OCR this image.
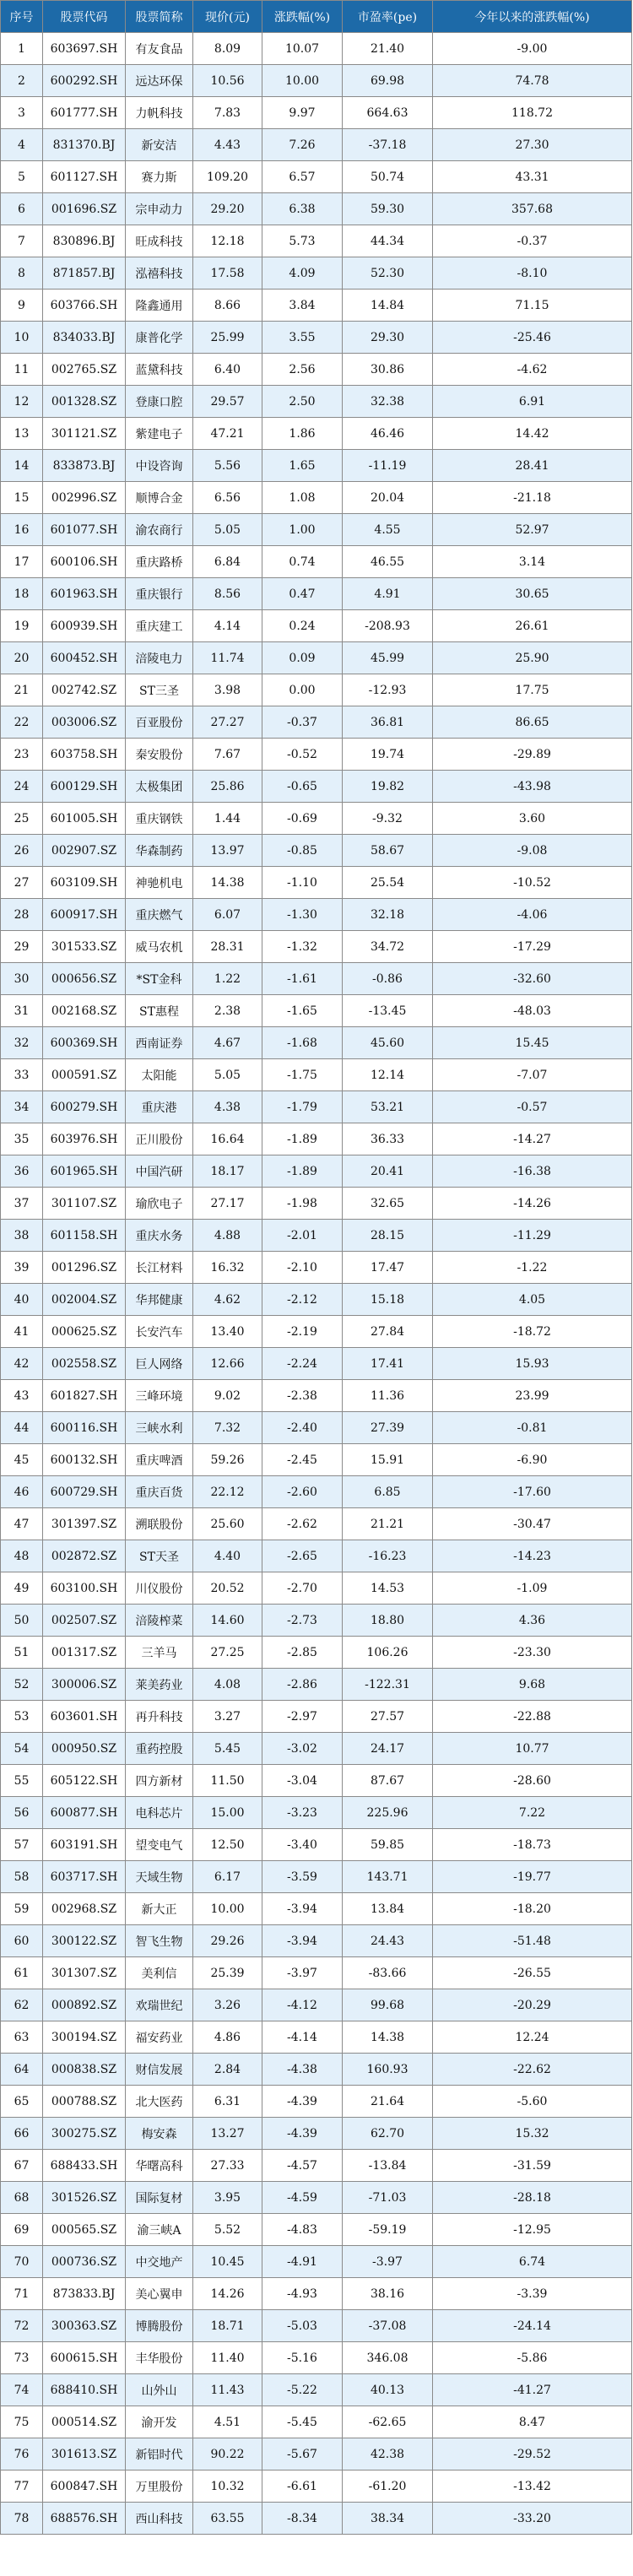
序号	股票代码	股票简称	现价(元)	涨跌幅(%)	市盈率(pe)	今年以来的涨跌幅(%)
1	603697.SH	有友食品	8.09	10.07	21.40	-9.00
2	600292.SH	远达环保	10.56	10.00	69.98	74.78
3	601777.SH	力帆科技	7.83	9.97	664.63	118.72
4	831370.BJ	新安洁	4.43	7.26	-37.18	27.30
5	601127.SH	赛力斯	109.20	6.57	50.74	43.31
6	001696.SZ	宗申动力	29.20	6.38	59.30	357.68
7	830896.BJ	旺成科技	12.18	5.73	44.34	-0.37
8	871857.BJ	泓禧科技	17.58	4.09	52.30	-8.10
9	603766.SH	隆鑫通用	8.66	3.84	14.84	71.15
10	834033.BJ	康普化学	25.99	3.55	29.30	-25.46
11	002765.SZ	蓝黛科技	6.40	2.56	30.86	-4.62
12	001328.SZ	登康口腔	29.57	2.50	32.38	6.91
13	301121.SZ	紫建电子	47.21	1.86	46.46	14.42
14	833873.BJ	中设咨询	5.56	1.65	-11.19	28.41
15	002996.SZ	顺博合金	6.56	1.08	20.04	-21.18
16	601077.SH	渝农商行	5.05	1.00	4.55	52.97
17	600106.SH	重庆路桥	6.84	0.74	46.55	3.14
18	601963.SH	重庆银行	8.56	0.47	4.91	30.65
19	600939.SH	重庆建工	4.14	0.24	-208.93	26.61
20	600452.SH	涪陵电力	11.74	0.09	45.99	25.90
21	002742.SZ	ST三圣	3.98	0.00	-12.93	17.75
22	003006.SZ	百亚股份	27.27	-0.37	36.81	86.65
23	603758.SH	秦安股份	7.67	-0.52	19.74	-29.89
24	600129.SH	太极集团	25.86	-0.65	19.82	-43.98
25	601005.SH	重庆钢铁	1.44	-0.69	-9.32	3.60
26	002907.SZ	华森制药	13.97	-0.85	58.67	-9.08
27	603109.SH	神驰机电	14.38	-1.10	25.54	-10.52
28	600917.SH	重庆燃气	6.07	-1.30	32.18	-4.06
29	301533.SZ	威马农机	28.31	-1.32	34.72	-17.29
30	000656.SZ	*ST金科	1.22	-1.61	-0.86	-32.60
31	002168.SZ	ST惠程	2.38	-1.65	-13.45	-48.03
32	600369.SH	西南证券	4.67	-1.68	45.60	15.45
33	000591.SZ	太阳能	5.05	-1.75	12.14	-7.07
34	600279.SH	重庆港	4.38	-1.79	53.21	-0.57
35	603976.SH	正川股份	16.64	-1.89	36.33	-14.27
36	601965.SH	中国汽研	18.17	-1.89	20.41	-16.38
37	301107.SZ	瑜欣电子	27.17	-1.98	32.65	-14.26
38	601158.SH	重庆水务	4.88	-2.01	28.15	-11.29
39	001296.SZ	长江材料	16.32	-2.10	17.47	-1.22
40	002004.SZ	华邦健康	4.62	-2.12	15.18	4.05
41	000625.SZ	长安汽车	13.40	-2.19	27.84	-18.72
42	002558.SZ	巨人网络	12.66	-2.24	17.41	15.93
43	601827.SH	三峰环境	9.02	-2.38	11.36	23.99
44	600116.SH	三峡水利	7.32	-2.40	27.39	-0.81
45	600132.SH	重庆啤酒	59.26	-2.45	15.91	-6.90
46	600729.SH	重庆百货	22.12	-2.60	6.85	-17.60
47	301397.SZ	溯联股份	25.60	-2.62	21.21	-30.47
48	002872.SZ	ST天圣	4.40	-2.65	-16.23	-14.23
49	603100.SH	川仪股份	20.52	-2.70	14.53	-1.09
50	002507.SZ	涪陵榨菜	14.60	-2.73	18.80	4.36
51	001317.SZ	三羊马	27.25	-2.85	106.26	-23.30
52	300006.SZ	莱美药业	4.08	-2.86	-122.31	9.68
53	603601.SH	再升科技	3.27	-2.97	27.57	-22.88
54	000950.SZ	重药控股	5.45	-3.02	24.17	10.77
55	605122.SH	四方新材	11.50	-3.04	87.67	-28.60
56	600877.SH	电科芯片	15.00	-3.23	225.96	7.22
57	603191.SH	望变电气	12.50	-3.40	59.85	-18.73
58	603717.SH	天域生物	6.17	-3.59	143.71	-19.77
59	002968.SZ	新大正	10.00	-3.94	13.84	-18.20
60	300122.SZ	智飞生物	29.26	-3.94	24.43	-51.48
61	301307.SZ	美利信	25.39	-3.97	-83.66	-26.55
62	000892.SZ	欢瑞世纪	3.26	-4.12	99.68	-20.29
63	300194.SZ	福安药业	4.86	-4.14	14.38	12.24
64	000838.SZ	财信发展	2.84	-4.38	160.93	-22.62
65	000788.SZ	北大医药	6.31	-4.39	21.64	-5.60
66	300275.SZ	梅安森	13.27	-4.39	62.70	15.32
67	688433.SH	华曙高科	27.33	-4.57	-13.84	-31.59
68	301526.SZ	国际复材	3.95	-4.59	-71.03	-28.18
69	000565.SZ	渝三峡A	5.52	-4.83	-59.19	-12.95
70	000736.SZ	中交地产	10.45	-4.91	-3.97	6.74
71	873833.BJ	美心翼申	14.26	-4.93	38.16	-3.39
72	300363.SZ	博腾股份	18.71	-5.03	-37.08	-24.14
73	600615.SH	丰华股份	11.40	-5.16	346.08	-5.86
74	688410.SH	山外山	11.43	-5.22	40.13	-41.27
75	000514.SZ	渝开发	4.51	-5.45	-62.65	8.47
76	301613.SZ	新铝时代	90.22	-5.67	42.38	-29.52
77	600847.SH	万里股份	10.32	-6.61	-61.20	-13.42
78	688576.SH	西山科技	63.55	-8.34	38.34	-33.20
